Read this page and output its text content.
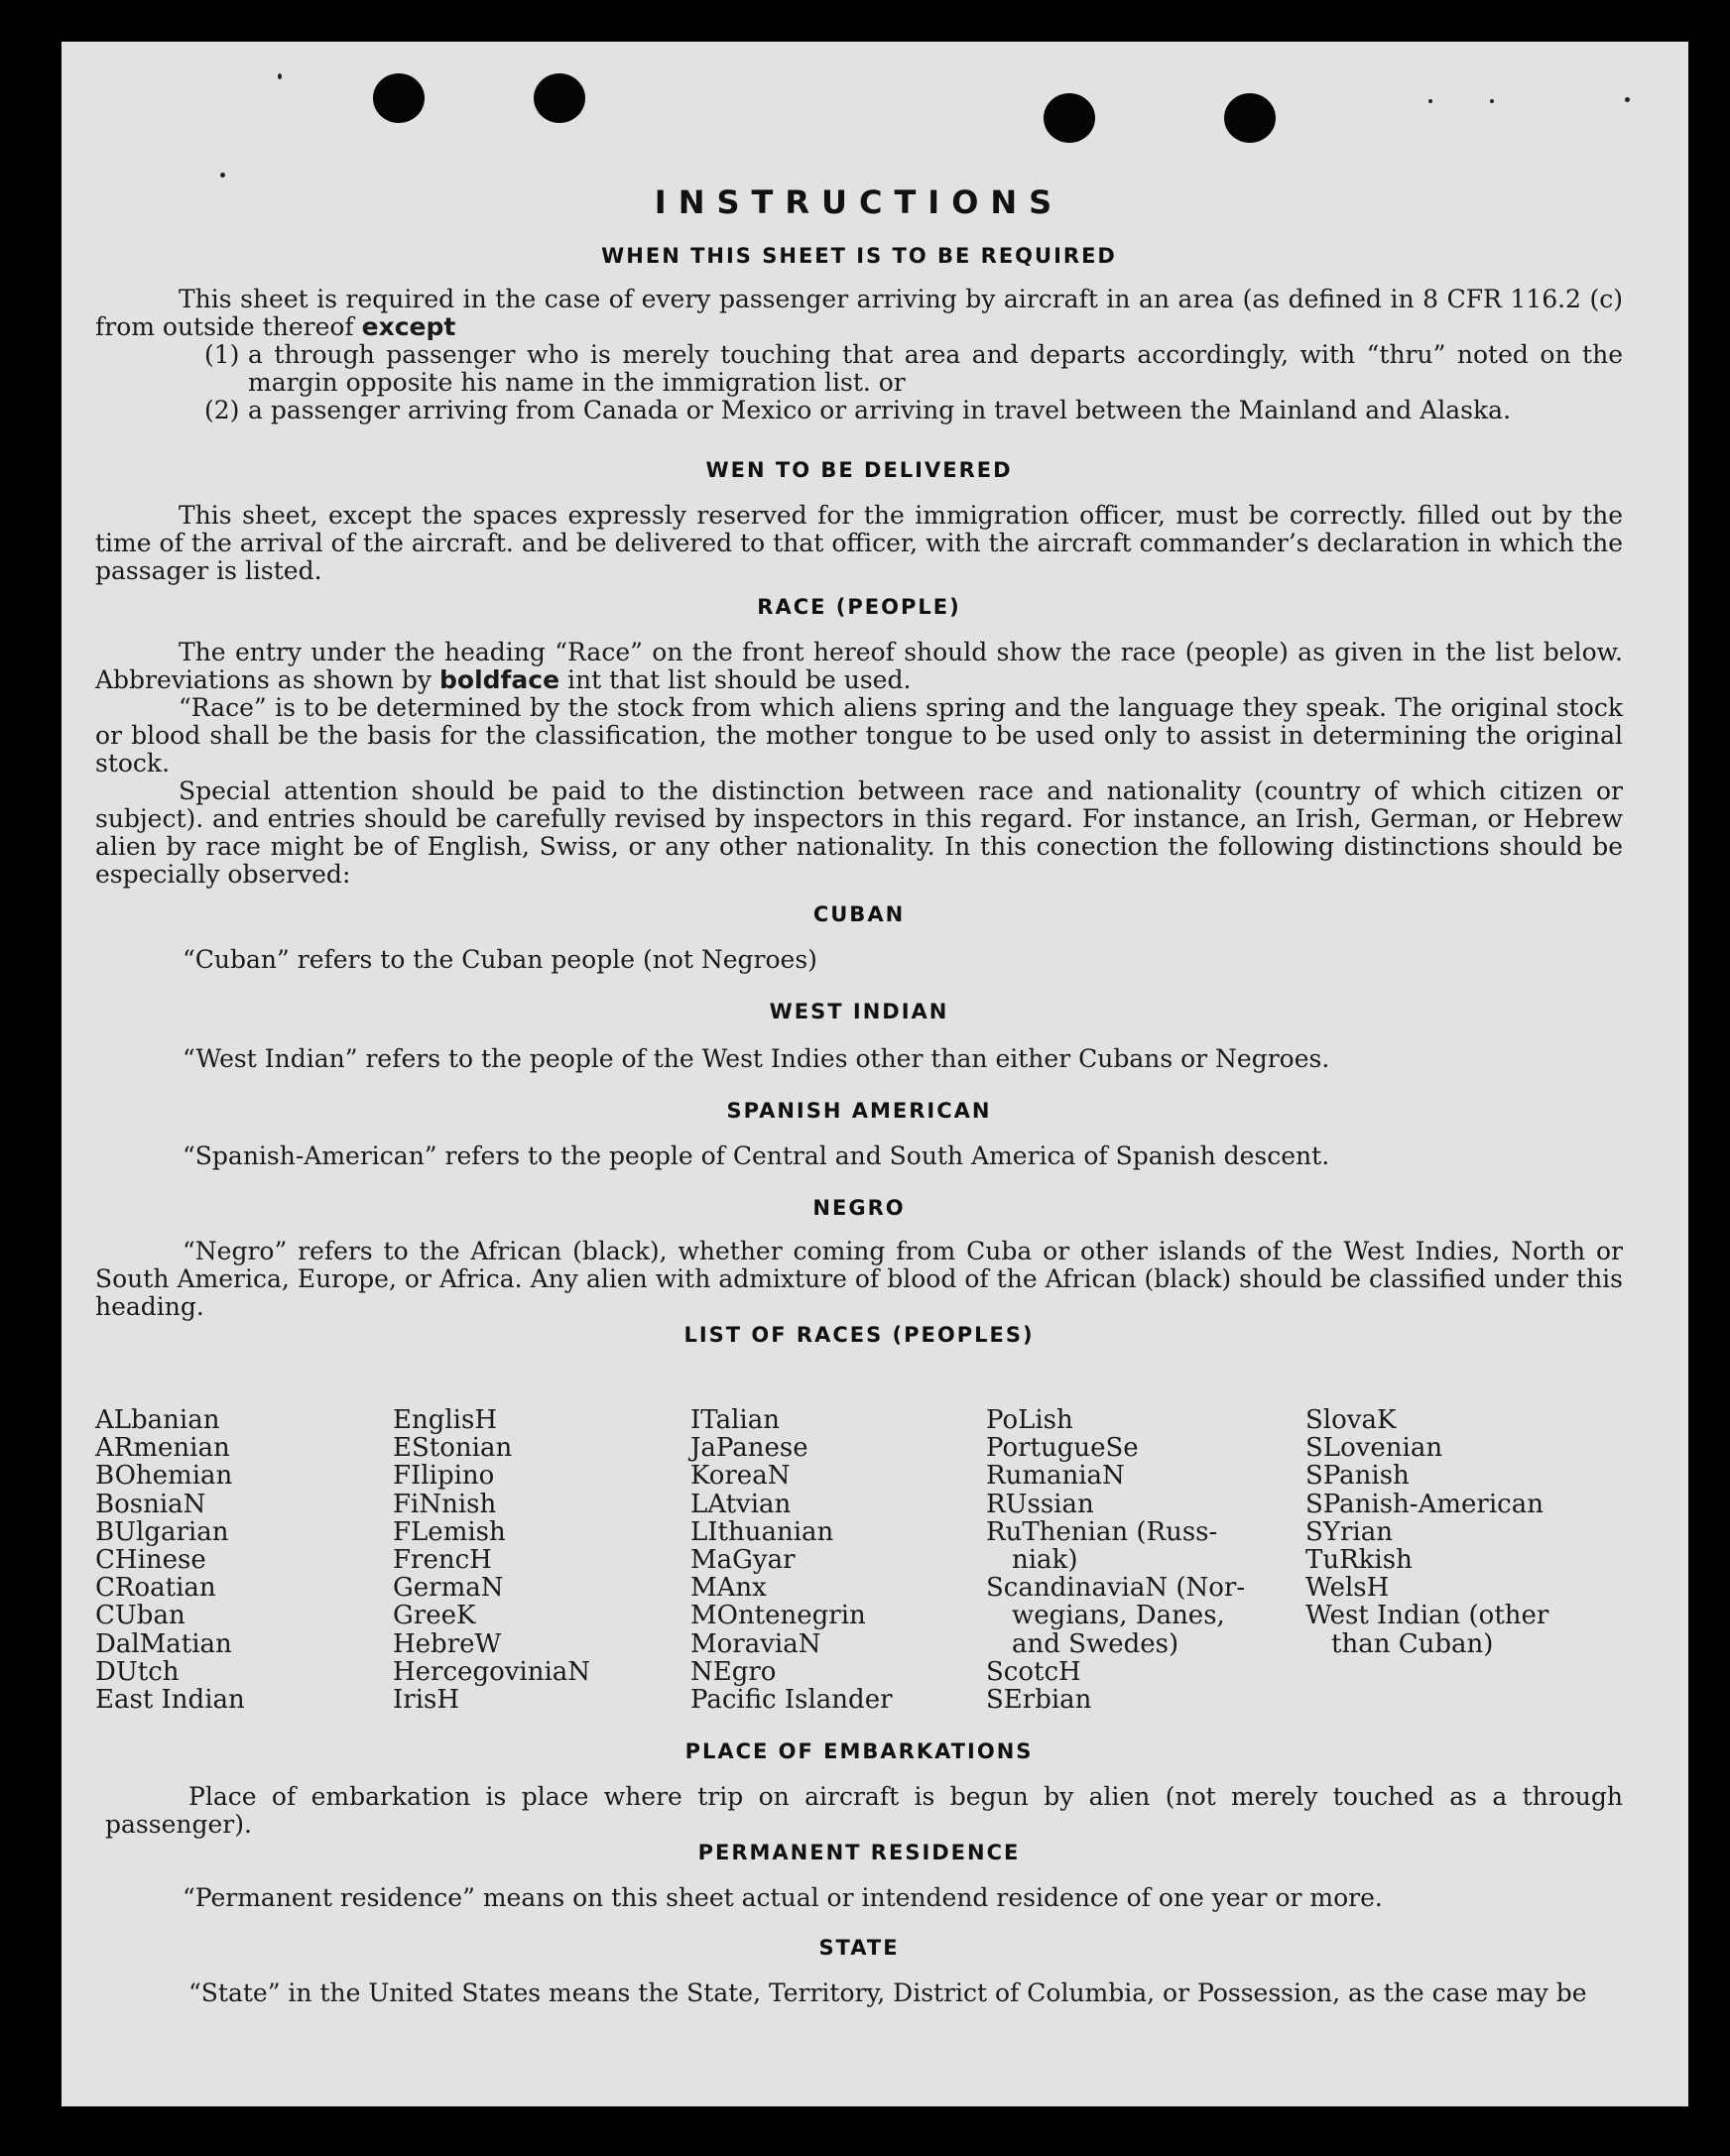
INSTRUCTIONS
WHEN THIS SHEET IS TO BE REQUIRED
This sheet is required in the case of every passenger arriving by aircraft in an area (as defined in 8 CFR 116.2 (c) from outside thereof except
(1) a through passenger who is merely touching that area and departs accordingly, with “thru” noted on the margin opposite his name in the immigration list. or
(2) a passenger arriving from Canada or Mexico or arriving in travel between the Mainland and Alaska.
WEN TO BE DELIVERED
This sheet, except the spaces expressly reserved for the immigration officer, must be correctly. filled out by the time of the arrival of the aircraft. and be delivered to that officer, with the aircraft commander’s declaration in which the passager is listed.
RACE (PEOPLE)
The entry under the heading “Race” on the front hereof should show the race (people) as given in the list below. Abbreviations as shown by boldface int that list should be used.
“Race” is to be determined by the stock from which aliens spring and the language they speak. The original stock or blood shall be the basis for the classification, the mother tongue to be used only to assist in determining the original stock.
Special attention should be paid to the distinction between race and nationality (country of which citizen or subject). and entries should be carefully revised by inspectors in this regard. For instance, an Irish, German, or Hebrew alien by race might be of English, Swiss, or any other nationality. In this conection the following distinctions should be especially observed:
CUBAN
“Cuban” refers to the Cuban people (not Negroes)
WEST INDIAN
“West Indian” refers to the people of the West Indies other than either Cubans or Negroes.
SPANISH AMERICAN
“Spanish-American” refers to the people of Central and South America of Spanish descent.
NEGRO
“Negro” refers to the African (black), whether coming from Cuba or other islands of the West Indies, North or South America, Europe, or Africa. Any alien with admixture of blood of the African (black) should be classified under this heading.
LIST OF RACES (PEOPLES)
ALbanian
ARmenian
BOhemian
BosniaN
BUlgarian
CHinese
CRoatian
CUban
DalMatian
DUtch
East Indian
EnglisH
EStonian
FIlipino
FiNnish
FLemish
FrencH
GermaN
GreeK
HebreW
HercegoviniaN
IrisH
ITalian
JaPanese
KoreaN
LAtvian
LIthuanian
MaGyar
MAnx
MOntenegrin
MoraviaN
NEgro
Pacific Islander
PoLish
PortugueSe
RumaniaN
RUssian
RuThenian (Russ-
niak)
ScandinaviaN (Nor-
wegians, Danes,
and Swedes)
ScotcH
SErbian
SlovaK
SLovenian
SPanish
SPanish-American
SYrian
TuRkish
WelsH
West Indian (other
than Cuban)
PLACE OF EMBARKATIONS
Place of embarkation is place where trip on aircraft is begun by alien (not merely touched as a through passenger).
PERMANENT RESIDENCE
“Permanent residence” means on this sheet actual or intendend residence of one year or more.
STATE
“State” in the United States means the State, Territory, District of Columbia, or Possession, as the case may be
